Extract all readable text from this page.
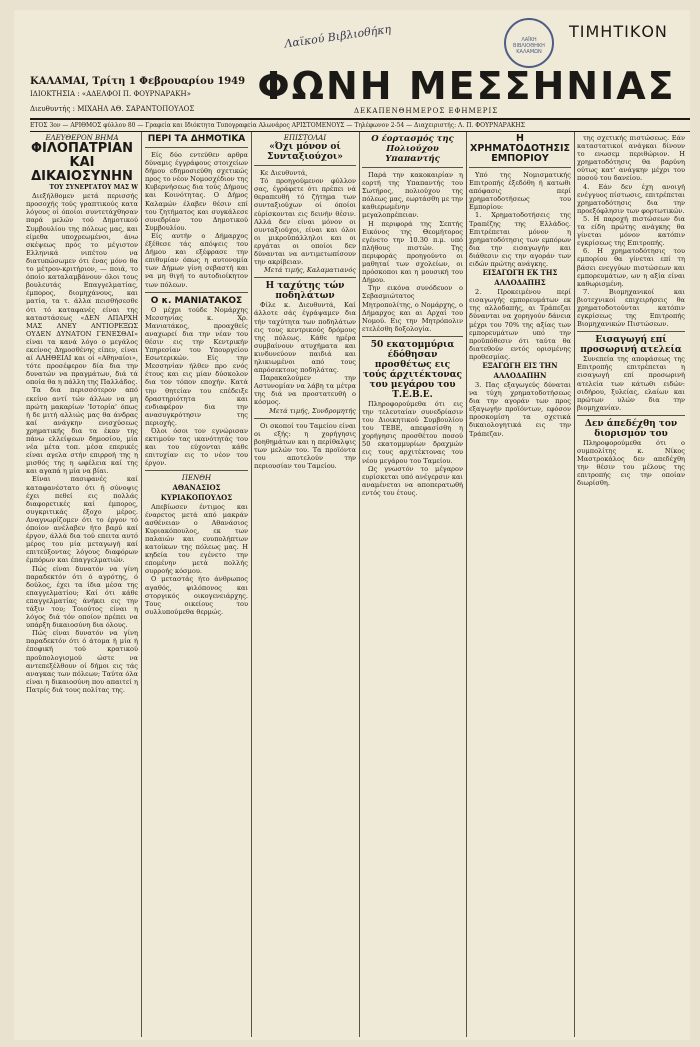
Λαϊκού Βιβλιοθήκη	ΛΑΪΚΗ ΒΙΒΛΙΟΘΗΚΗ ΚΑΛΑΜΩΝ
ΤΙΜΗΤΙΚΟΝ
ΚΑΛΑΜΑΙ, Τρίτη 1 Φεβρουαρίου 1949
ΙΔΙΟΚΤΗΣΙΑ : «ΑΔΕΛΦΟΙ Π. ΦΟΥΡΝΑΡΑΚΗ»
Διευθυντής : ΜΙΧΑΗΛ ΑΘ. ΣΑΡΑΝΤΟΠΟΥΛΟΣ
ΦΩΝΗ ΜΕΣΣΗΝΙΑΣ
ΔΕΚΑΠΕΝΘΗΜΕΡΟΣ ΕΦΗΜΕΡΙΣ
ΕΤΟΣ 3ον — ΑΡΙΘΜΟΣ φύλλου 80 — Γραφεία και Ιδιόκτητα Τυπογραφεία Αλωνάρος ΑΡΙΣΤΟΜΕΝΟΥΣ — Τηλέφωνον 2-54 — Διαχειριστής: Λ. Π. ΦΟΥΡΝΑΡΑΚΗΣ
ΕΛΕΥΘΕΡΟΝ ΒΗΜΑ
ΦΙΛΟΠΑΤΡΙΑΝ ΚΑΙ ΔΙΚΑΙΟΣΥΝΗΝ
ΤΟΥ ΣΥΝΕΡΓΑΤΟΥ ΜΑΣ W

Διεξήλθομεν μετά περισσής προσοχής τούς γραπτικούς κατα λόγους οί όποίοι συντετάχθησαν παρά μελών τού Δημοτικού Συμβουλίου της πόλεως μας, και είμεθα υποχρεωμένοι, άνω σκέψεως πρός το μέγιστον Ελληνικά νιπέτου να διατυπώσωμεν ότι ένας μόνο θα το μέτρον-κριτήριον, — ποιά, το όποίο καταλαμβάνουν όλοι τους βουλευτάς Επαγγελματίας, έμπορος, διομηχάνους, και ματία, τα τ. άλλα πεισθήσεσθε ότι τό καταφανές είναι της καταστάσεως «ΔΕΝ ΑΠΑΡΧΗ ΜΑΣ ΑΝΕΥ ΑΝΤΙΟΡΕΞΩΣ ΟΥΔΕΝ ΔΥΝΑΤΟΝ ΓΕΝΕΣΘΑΙ» είναι τα κανά λόγο ο μεγάλος εκείνος Δημοσθένης είπεν, είναι αί ΑΛΗΘΕΙΑΙ και οί «Αθηναίοι», τότε προσέφερον δία δια την δυνατών να πραγμάτων, διά τά οποία θα η πάλλη της Παλλάδος.

Τα δια περισσότερον από εκείνο αντί τών άλλων να μη πρώτη μακαρίων 'Ιστορία' όπως ή δε μιτή αλλιώς μας θα άνδρας καί ανάγκην ενισχύσεως χρηματικής δια τα έκαν της πάνω ελλείψεων δημοσίου, μία νέα μέτα τοπ. μέσα επερικές είναι αγελα στήν επιρροή της η μισθός της η ωφέλεια καί της και αγαπά η μία να βίαι.

Είναι πασιφανές καί καταφανέστατο ότι ή σύνοψις έχει πεθεί εις πολλάς διαφορετικές καί έμπορος, συγκριτικάς έξοχο μέρος. Αναγνωρίζομεν ότι το έργον τό όποίον ανέλαβεν ήτο βαρύ καί έργον, άλλά δια τού επειτα αυτό μέρος του μία μεταγωγή καί επιτεύξοντας λόγους διαφόρων έμπόρων και έπαγγελματιών.

Πώς είναι δυνατόν να γίνη παραδεκτόν ότι ό αγρότης, ό δούλος, έχει τα ίδια μέσα της επαγγελματίου; Καί ότι κάθε επαγγελματίας άνήκει εις την τάξιν του; Τοιούτος είναι η λόγος διά τόν οποίον πρέπει να υπάρξη δικαιοσύνη δια όλους.

Πώς είναι δυνατόν να γίνη παραδεκτόν ότι ό άτομα ή μία ή έποφική τού κρατικού προϋπολογισμού ώστε να αντεπεξέλθουν οί δήμοι εις τάς αναγκας των πόλεων; Ταύτα όλα είναι η δικαιοσύνη που απαιτεί η Πατρίς διά τους πολίτας της.

ΠΕΡΙ ΤΑ ΔΗΜΟΤΙΚΑ

Είς δύο εντεύθεν αρθρα δύναμις έγγράφους στοιχείων δήμου εδημοσιεύθη σχετικώς προς το νέον Νομοσχέδιον της Κυβερνήσεως δια τούς Δήμους και Κοινότητας. Ο Δήμος Καλαμών έλαβεν θέσιν επί του ζητήματος και συγκάλεσε συνεδρίαν του Δημοτικού Συμβουλίου.

Είς αυτήν ο Δήμαρχος έξέθεσε τάς απόψεις του Δήμου και εξέφρασε την επιθυμίαν όπως η αυτονομία των Δήμων γίνη σεβαστή και να μη θιγή το αυτοδιοίκητον των πόλεων.

Ο κ. ΜΑΝΙΑΤΑΚΟΣ

Ο μέχρι τούδε Νομάρχης Μεσσηνίας κ. Χρ. Μανιατάκος, προαχθείς αναχωρεί δια την νέαν του θέσιν εις την Κεντρικήν Υπηρεσίαν του Υπουργείου Εσωτερικών. Είς την Μεσσηνίαν ήλθεν προ ενός έτους και εις μίαν δύσκολον δια τον τόπον εποχήν. Κατά την θητείαν του επέδειξε δραστηριότητα και ενδιαφέρον δια την ανασυγκρότησιν της περιοχής.

Όλοι όσοι τον εγνώρισαν εκτιμούν τας ικανότητάς του και του εύχονται κάθε επιτυχίαν εις το νέον του έργον.

ΠΕΝΘΗ
ΑΘΑΝΑΣΙΟΣ ΚΥΡΙΑΚΟΠΟΥΛΟΣ

Απεβίωσεν έντιμος και έναρετος μετά από μακράν ασθένειαν ο Αθανάσιος Κυριακόπουλος, εκ των παλαιών και ευυπολήπτων κατοίκων της πόλεως μας. Η κηδεία του εγένετο την επομένην μετά πολλής συρροής κόσμου.

Ο μεταστάς ήτο άνθρωπος αγαθός, φιλόπονος και στοργικός οικογενειάρχης. Τους οικείους του συλλυπούμεθα θερμώς.

ΕΠΙΣΤΟΛΑΙ
«Όχι μόνον οί Συνταξιούχοι»

Κε Διευθυντά,

Τό προηγούμενον φύλλον σας, έγράφετε ότι πρέπει νά θεραπευθή τό ζήτημα των συνταξιούχων οί όποίοι εύρίσκονται εις δεινήν θέσιν. Αλλά δεν είναι μόνον οι συνταξιούχοι, είναι και όλοι οι μικροϋπάλληλοι και οι εργάται οι οποίοι δεν δύνανται να αντιμετωπίσουν την ακρίβειαν.

Μετά τιμής, Καλαματιανός

Η ταχύτης τών ποδηλάτων

Φίλε κ. Διευθυντά, Καί άλλοτε σάς έγράψαμεν δια τήν ταχύτητα των ποδηλάτων εις τους κεντρικούς δρόμους της πόλεως. Κάθε ημέρα συμβαίνουν ατυχήματα και κινδυνεύουν παιδιά και ηλικιωμένοι από τους απρόσεκτους ποδηλάτας.

Παρακαλούμεν την Αστυνομίαν να λάβη τα μέτρα της διά να προστατευθή ο κόσμος.

Μετά τιμής, Συνδρομητής

Οι σκοποί του Ταμείου είναι οι εξής: η χορήγησις βοηθημάτων και η περίθαλψις των μελών του. Τα προϊόντα του αποτελούν την περιουσίαν του Ταμείου.

Ο έορτασμός της Πολιούχου Υπαπαντής

Παρά την κακοκαιρίαν η εορτή της Υπαπαντής του Σωτήρος, πολιούχου της πόλεως μας, εωρτάσθη με την καθιερωμένην μεγαλοπρέπειαν.

Η περιφορά της Σεπτής Εικόνος της Θεομήτορος εγένετο την 10.30 π.μ. υπό πλήθους πιστών. Της περιφοράς προηγούντο οι μαθηταί των σχολείων, οι πρόσκοποι και η μουσική του Δήμου.

Την εικόνα συνόδευον ο Σεβασμιώτατος Μητροπολίτης, ο Νομάρχης, ο Δήμαρχος και αι Αρχαί του Νομού. Εις την Μητρόπολιν ετελέσθη δοξολογία.

50 εκατομμύρια έδόθησαν προσθέτως εις τούς άρχιτέκτονας του μεγάρου του Τ.Ε.Β.Ε.

Πληροφορούμεθα ότι εις την τελευταίαν συνεδρίασιν του Διοικητικού Συμβουλίου του ΤΕΒΕ, απεφασίσθη η χορήγησις προσθέτου ποσού 50 εκατομμυρίων δραχμών εις τους αρχιτέκτονας του νέου μεγάρου του Ταμείου.

Ως γνωστόν το μέγαρον ευρίσκεται υπό ανέγερσιν και αναμένεται να αποπερατωθή εντός του έτους.

Η ΧΡΗΜΑΤΟΔΟΤΗΣΙΣ ΕΜΠΟΡΙΟΥ

Υπό της Νομισματικής Επιτροπής έξεδόθη ή κατωθι απόφασις περί χρηματοδοτήσεως του Εμπορίου:

1. Χρηματοδοτήσεις της Τραπέζης της Ελλάδος. Επιτρέπεται μόνον η χρηματοδότησις των εμπόρων δια την εισαγωγήν και διάθεσιν εις την αγοράν των ειδών πρώτης ανάγκης.

ΕΙΣΑΓΩΓΗ ΕΚ ΤΗΣ ΑΛΛΟΔΑΠΗΣ

2. Προκειμένου περί εισαγωγής εμπορευμάτων εκ της αλλοδαπής, αι Τράπεζαι δύνανται να χορηγούν δάνεια μέχρι του 70% της αξίας των εμπορευμάτων υπό την προϋπόθεσιν ότι ταύτα θα διατεθούν εντός ορισμένης προθεσμίας.

ΕΞΑΓΩΓΗ ΕΙΣ ΤΗΝ ΑΛΛΟΔΑΠΗΝ

3. Πας εξαγωγεύς δύναται να τύχη χρηματοδοτήσεως δια την αγοράν των προς εξαγωγήν προϊόντων, εφόσον προσκομίση τα σχετικά δικαιολογητικά εις την Τράπεζαν.

της σχετικής πιστώσεως. Εάν καταστατικοί ανάγκαι δίνουν το ενωσεμ περιθώριον. Η χρηματοδότησις θα βαρύνη ούτως κατ' ανάγκην μέχρι του ποσού του δανείου.

4. Εάν δεν έχη ανοιγή ενέγγυος πίστωσις, επιτρέπεται χρηματοδότησις δια την προεξόφλησιν των φορτωτικών.

5. Η παροχή πιστώσεων δια τα είδη πρώτης ανάγκης θα γίνεται μόνον κατόπιν εγκρίσεως της Επιτροπής.

6. Η χρηματοδότησις του εμπορίου θα γίνεται επί τη βάσει ενεγγύων πιστώσεων και εμπορευμάτων, ων η αξία είναι καθωρισμένη.

7. Βιομηχανικοί και βιοτεχνικοί επιχειρήσεις θα χρηματοδοτούνται κατόπιν εγκρίσεως της Επιτροπής Βιομηχανικών Πιστώσεων.

Εισαγωγή επί προσωρινή ατελεία

Συνεπεία της αποφάσεως της Επιτροπής επιτρέπεται η εισαγωγή επί προσωρινή ατελεία των κάτωθι ειδών: σιδήρου, ξυλείας, ελαίων και πρώτων υλών δια την βιομηχανίαν.

Δεν άπεδέχθη τον διορισμόν του

Πληροφορούμεθα ότι ο συμπολίτης κ. Νίκος Μαστροκάλος δεν απεδέχθη την θέσιν του μέλους της επιτροπής εις την οποίαν διωρίσθη.
